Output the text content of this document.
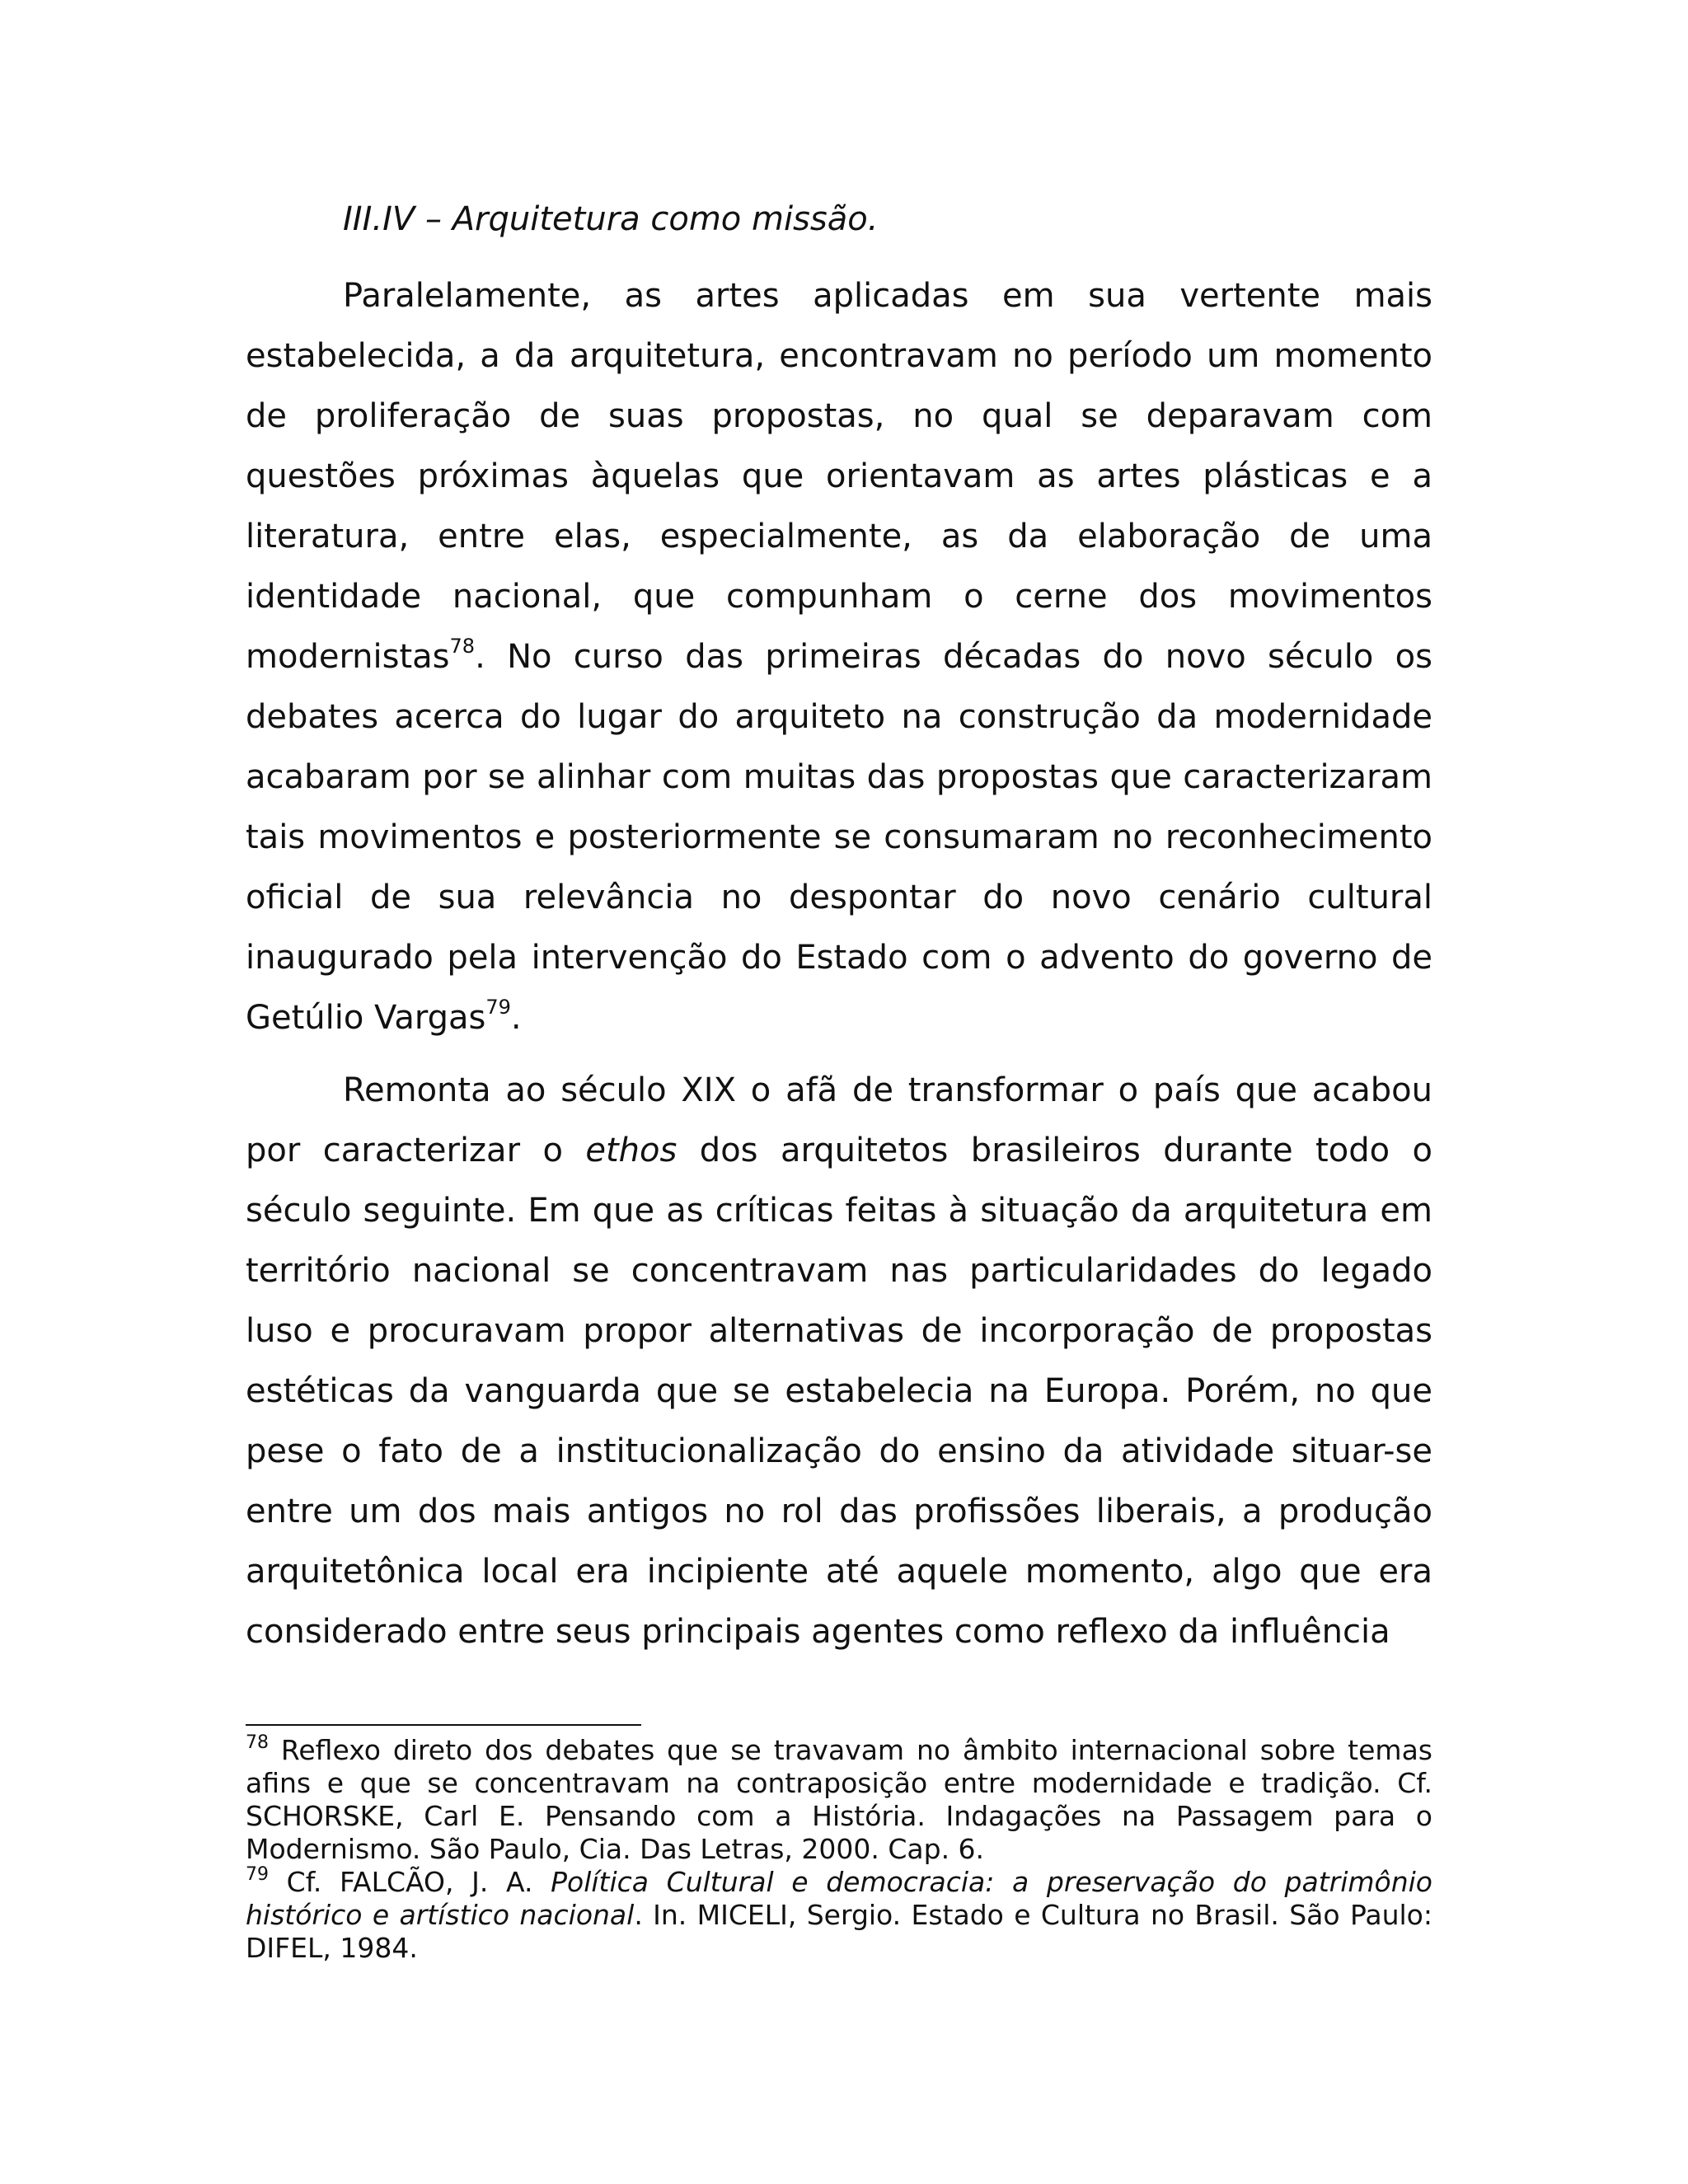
III.IV – Arquitetura como missão.

Paralelamente, as artes aplicadas em sua vertente mais estabelecida, a da arquitetura, encontravam no período um momento de proliferação de suas propostas, no qual se deparavam com questões próximas àquelas que orientavam as artes plásticas e a literatura, entre elas, especialmente, as da elaboração de uma identidade nacional, que compunham o cerne dos movimentos modernistas$^{78}$. No curso das primeiras décadas do novo século os debates acerca do lugar do arquiteto na construção da modernidade acabaram por se alinhar com muitas das propostas que caracterizaram tais movimentos e posteriormente se consumaram no reconhecimento oficial de sua relevância no despontar do novo cenário cultural inaugurado pela intervenção do Estado com o advento do governo de Getúlio Vargas$^{79}$.

Remonta ao século XIX o afã de transformar o país que acabou por caracterizar o ethos dos arquitetos brasileiros durante todo o século seguinte. Em que as críticas feitas à situação da arquitetura em território nacional se concentravam nas particularidades do legado luso e procuravam propor alternativas de incorporação de propostas estéticas da vanguarda que se estabelecia na Europa. Porém, no que pese o fato de a institucionalização do ensino da atividade situar-se entre um dos mais antigos no rol das profissões liberais, a produção arquitetônica local era incipiente até aquele momento, algo que era considerado entre seus principais agentes como reflexo da influência

$^{78}$ Reflexo direto dos debates que se travavam no âmbito internacional sobre temas afins e que se concentravam na contraposição entre modernidade e tradição. Cf. SCHORSKE, Carl E. Pensando com a História. Indagações na Passagem para o Modernismo. São Paulo, Cia. Das Letras, 2000. Cap. 6.

$^{79}$ Cf. FALCÃO, J. A. Política Cultural e democracia: a preservação do patrimônio histórico e artístico nacional. In. MICELI, Sergio. Estado e Cultura no Brasil. São Paulo: DIFEL, 1984.
